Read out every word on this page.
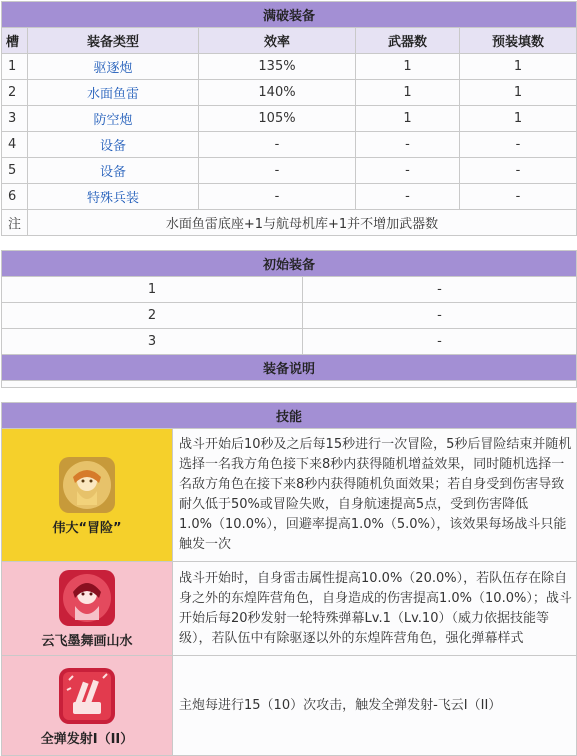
满破装备				
槽	装备类型	效率	武器数	预装填数
1	驱逐炮	135%	1	1
2	水面鱼雷	140%	1	1
3	防空炮	105%	1	1
4	设备	-	-	-
5	设备	-	-	-
6	特殊兵装	-	-	-
注	水面鱼雷底座+1与航母机库+1并不增加武器数			
初始装备	
1	-
2	-
3	-
装备说明	

技能	

伟大“冒险”	战斗开始后10秒及之后每15秒进行一次冒险，5秒后冒险结束并随机选择一名我方角色接下来8秒内获得随机增益效果，同时随机选择一名敌方角色在接下来8秒内获得随机负面效果；若自身受到伤害导致耐久低于50%或冒险失败，自身航速提高5点，受到伤害降低1.0%（10.0%），回避率提高1.0%（5.0%），该效果每场战斗只能触发一次

云飞墨舞画山水	战斗开始时，自身雷击属性提高10.0%（20.0%），若队伍存在除自身之外的东煌阵营角色，自身造成的伤害提高1.0%（10.0%）；战斗开始后每20秒发射一轮特殊弹幕Lv.1（Lv.10）（威力依据技能等级），若队伍中有除驱逐以外的东煌阵营角色，强化弹幕样式

全弹发射I（II）	主炮每进行15（10）次攻击，触发全弹发射-飞云I（II）
